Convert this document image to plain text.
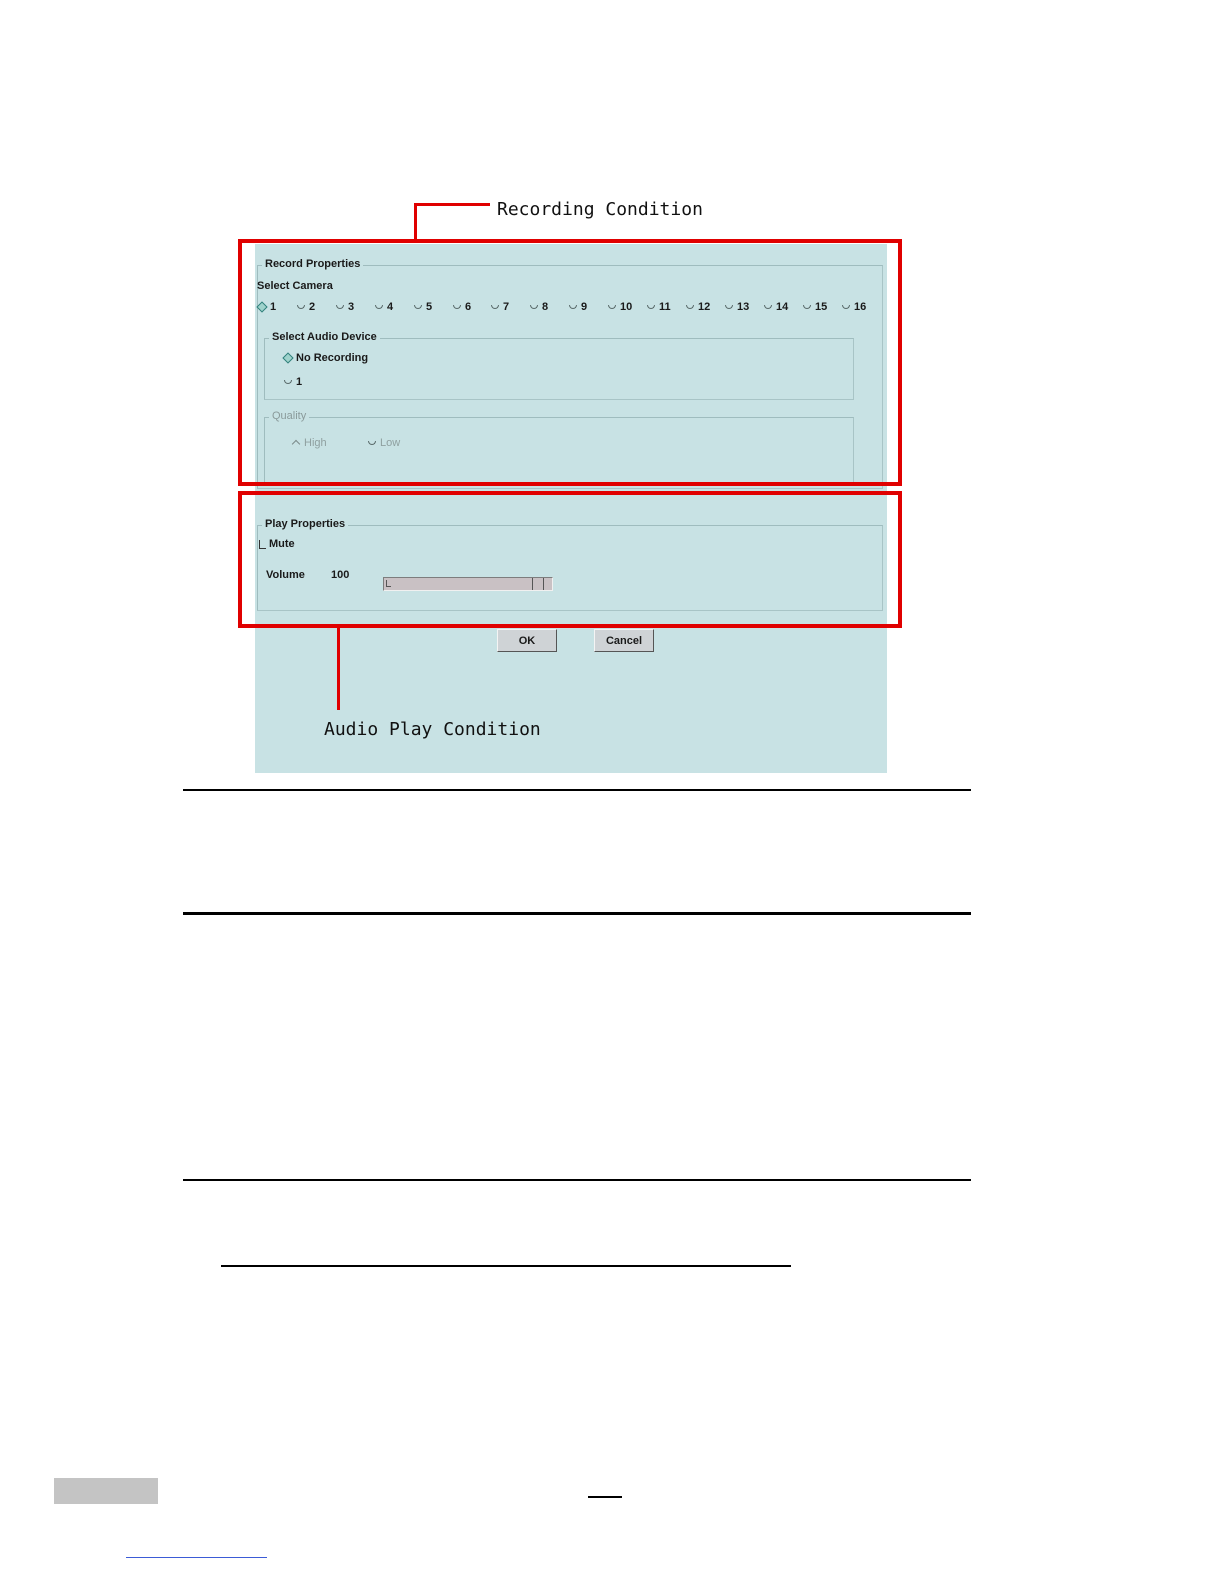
Record Properties
Select Camera
1	2	3	4	5	6	7	8	9	10 11 12 13 14 15 16
Select Audio Device
No Recording
1
Quality
High	Low
Play Properties
Mute
Volume 100
OK	Cancel
Recording Condition
Audio Play Condition
